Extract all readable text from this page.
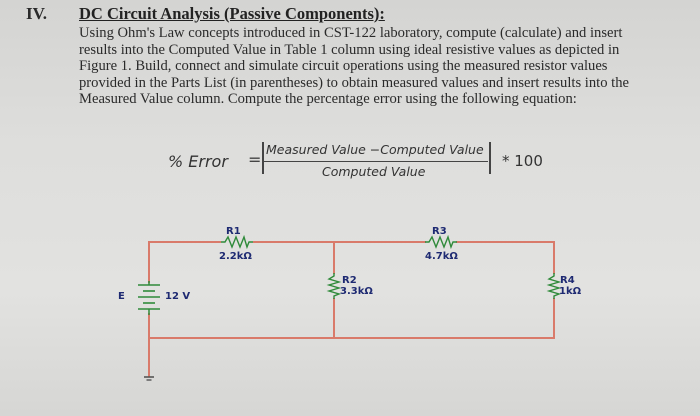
IV. DC Circuit Analysis (Passive Components):
Using Ohm's Law concepts introduced in CST-122 laboratory, compute (calculate) and insert
results into the Computed Value in Table 1 column using ideal resistive values as depicted in
Figure 1. Build, connect and simulate circuit operations using the measured resistor values
provided in the Parts List (in parentheses) to obtain measured values and insert results into the
Measured Value column. Compute the percentage error using the following equation:
% Error =
Measured Value −Computed Value
Computed Value
* 100
E	12 V
R1
2.2kΩ
R3
4.7kΩ
R2
3.3kΩ
R4
1kΩ
